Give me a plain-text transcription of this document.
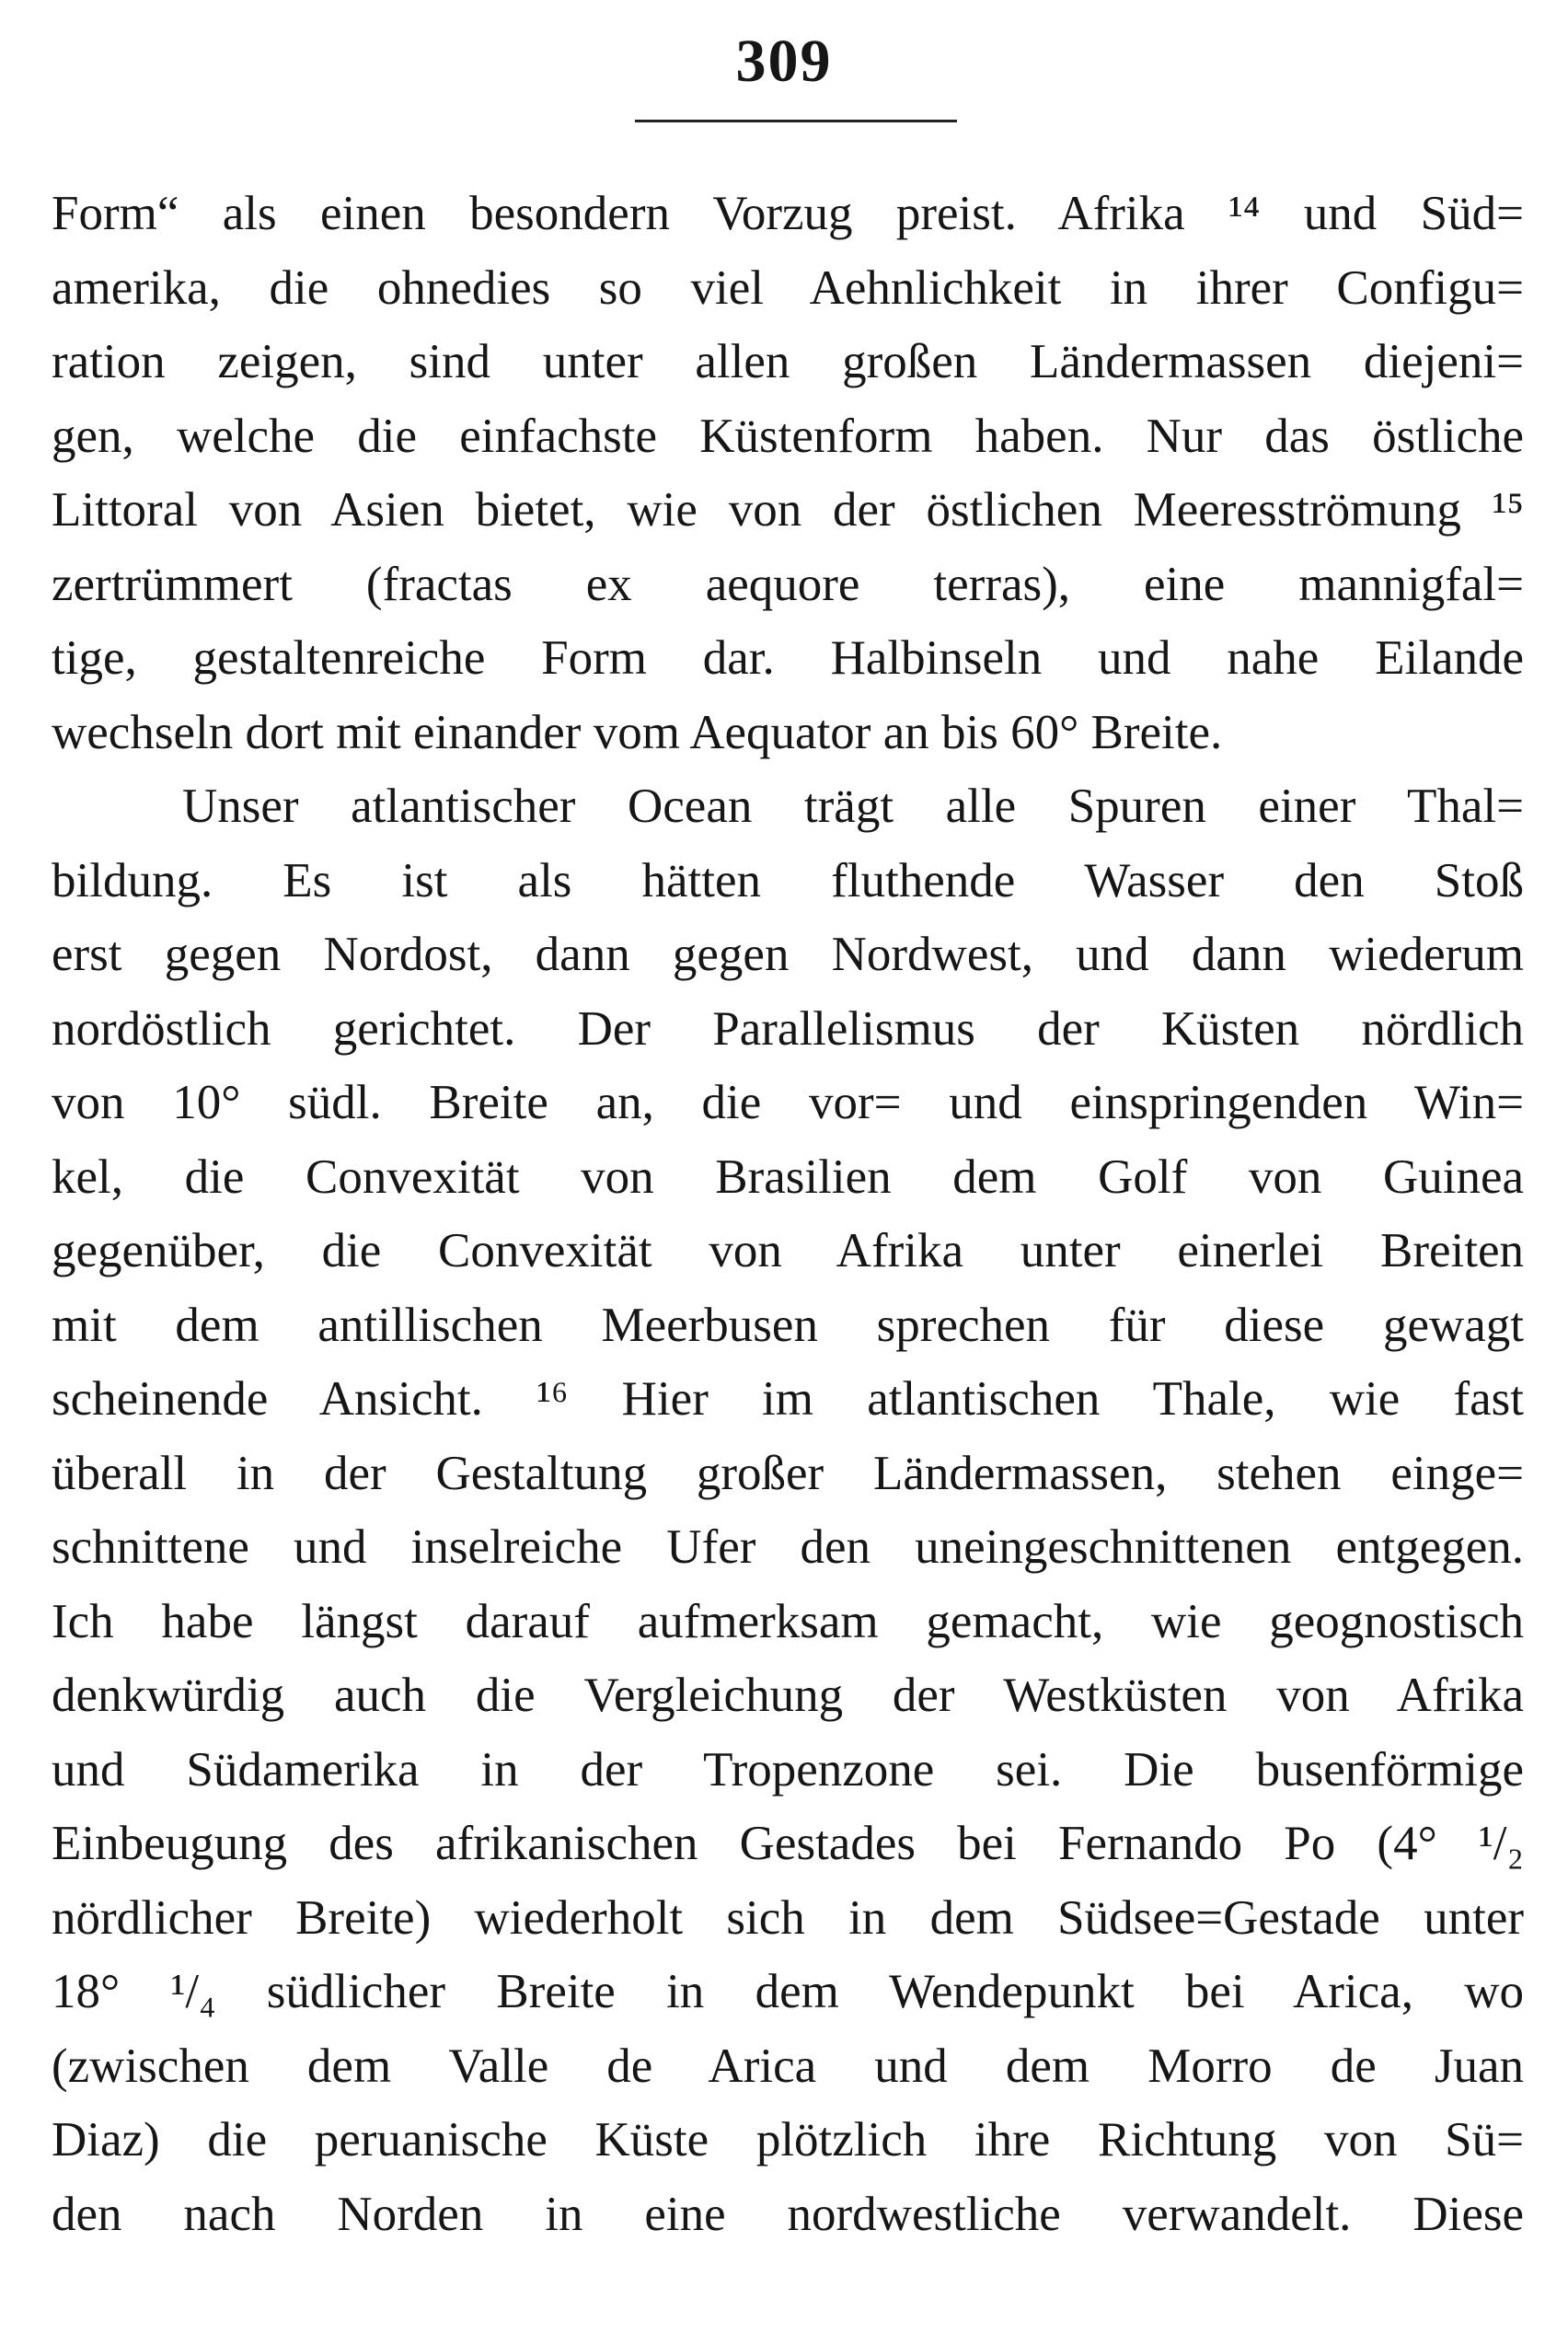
309
Form“ als einen besondern Vorzug preist. Afrika ¹⁴ und Süd=
amerika, die ohnedies so viel Aehnlichkeit in ihrer Configu=
ration zeigen, sind unter allen großen Ländermassen diejeni=
gen, welche die einfachste Küstenform haben. Nur das östliche
Littoral von Asien bietet, wie von der östlichen Meeresströmung ¹⁵
zertrümmert (fractas ex aequore terras), eine mannigfal=
tige, gestaltenreiche Form dar. Halbinseln und nahe Eilande
wechseln dort mit einander vom Aequator an bis 60° Breite.
Unser atlantischer Ocean trägt alle Spuren einer Thal=
bildung. Es ist als hätten fluthende Wasser den Stoß
erst gegen Nordost, dann gegen Nordwest, und dann wiederum
nordöstlich gerichtet. Der Parallelismus der Küsten nördlich
von 10° südl. Breite an, die vor= und einspringenden Win=
kel, die Convexität von Brasilien dem Golf von Guinea
gegenüber, die Convexität von Afrika unter einerlei Breiten
mit dem antillischen Meerbusen sprechen für diese gewagt
scheinende Ansicht. ¹⁶ Hier im atlantischen Thale, wie fast
überall in der Gestaltung großer Ländermassen, stehen einge=
schnittene und inselreiche Ufer den uneingeschnittenen entgegen.
Ich habe längst darauf aufmerksam gemacht, wie geognostisch
denkwürdig auch die Vergleichung der Westküsten von Afrika
und Südamerika in der Tropenzone sei. Die busenförmige
Einbeugung des afrikanischen Gestades bei Fernando Po (4° ¹/₂
nördlicher Breite) wiederholt sich in dem Südsee=Gestade unter
18° ¹/₄ südlicher Breite in dem Wendepunkt bei Arica, wo
(zwischen dem Valle de Arica und dem Morro de Juan
Diaz) die peruanische Küste plötzlich ihre Richtung von Sü=
den nach Norden in eine nordwestliche verwandelt. Diese
